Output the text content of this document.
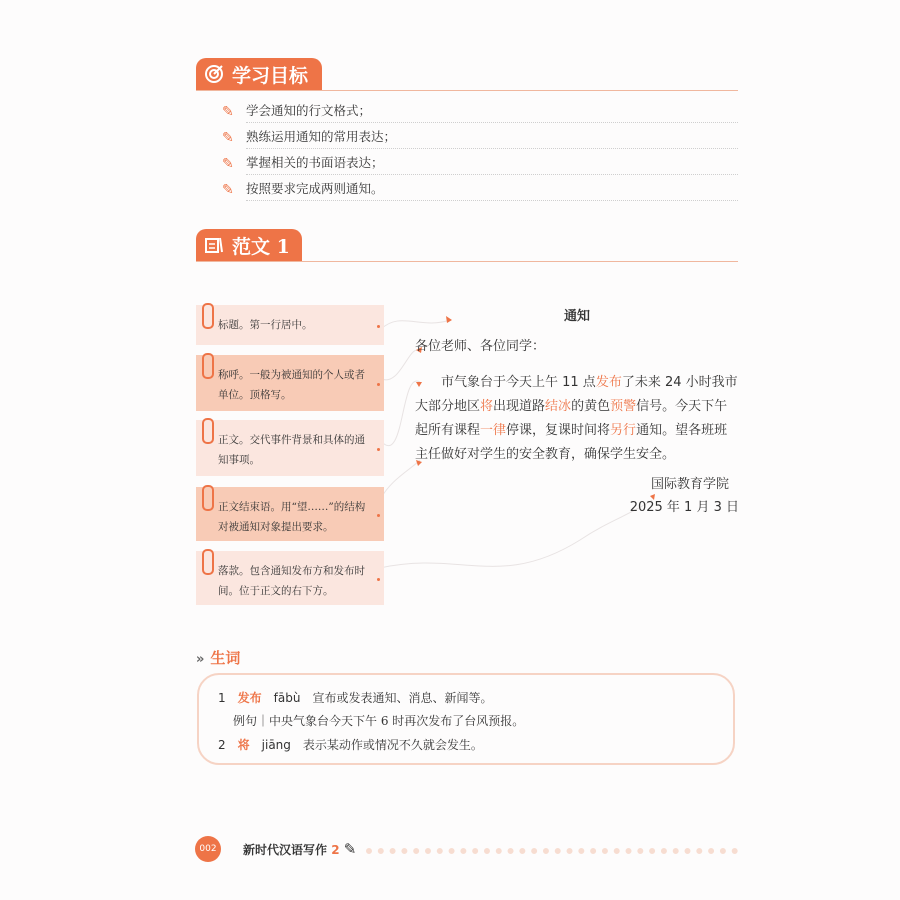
学习目标
✎ 学会通知的行文格式；
✎ 熟练运用通知的常用表达；
✎ 掌握相关的书面语表达；
✎ 按照要求完成两则通知。
范文 1
标题。第一行居中。
称呼。一般为被通知的个人或者单位。顶格写。
正文。交代事件背景和具体的通知事项。
正文结束语。用“望……”的结构对被通知对象提出要求。
落款。包含通知发布方和发布时间。位于正文的右下方。
通知
各位老师、各位同学：
市气象台于今天上午 11 点发布了未来 24 小时我市大部分地区将出现道路结冰的黄色预警信号。今天下午起所有课程一律停课，复课时间将另行通知。望各班班主任做好对学生的安全教育，确保学生安全。
国际教育学院
2025 年 1 月 3 日
» 生词
1 发布 fābù 宣布或发表通知、消息、新闻等。
例句｜中央气象台今天下午 6 时再次发布了台风预报。
2 将 jiāng 表示某动作或情况不久就会发生。
002	新时代汉语写作 2 ✎
